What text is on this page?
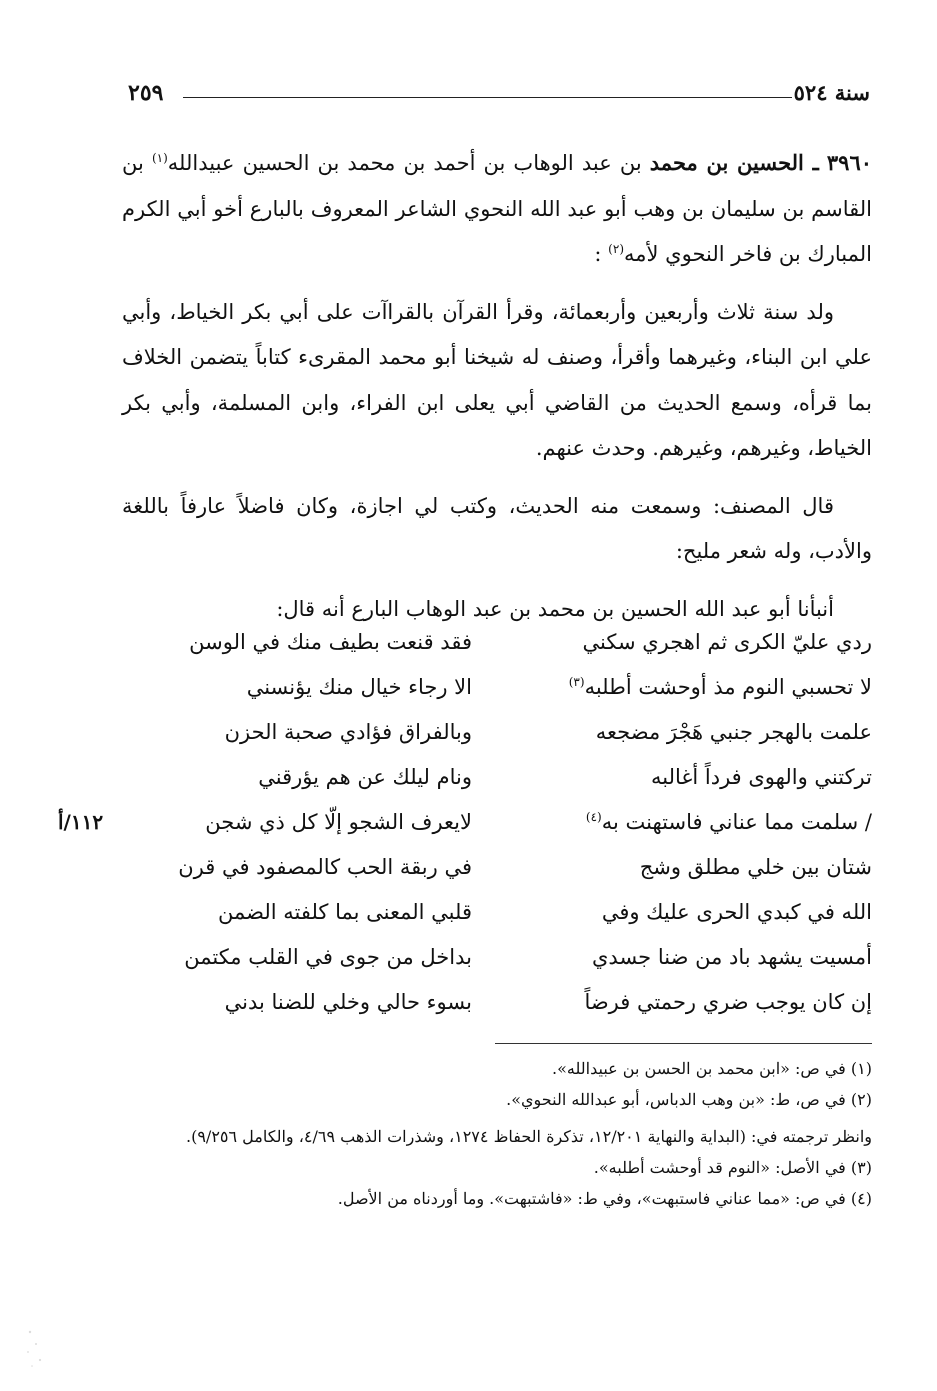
سنة ٥٢٤
٢٥٩

٣٩٦٠ ـ الحسين بن محمد بن عبد الوهاب بن أحمد بن محمد بن الحسين عبيدالله$^{(١)}$ بن القاسم بن سليمان بن وهب أبو عبد الله النحوي الشاعر المعروف بالبارع أخو أبي الكرم المبارك بن فاخر النحوي لأمه$^{(٢)}$ :

ولد سنة ثلاث وأربعين وأربعمائة، وقرأ القرآن بالقراآت على أبي بكر الخياط، وأبي علي ابن البناء، وغيرهما وأقرأ، وصنف له شيخنا أبو محمد المقرىء كتاباً يتضمن الخلاف بما قرأه، وسمع الحديث من القاضي أبي يعلى ابن الفراء، وابن المسلمة، وأبي بكر الخياط، وغيرهم، وغيرهم. وحدث عنهم.

قال المصنف: وسمعت منه الحديث، وكتب لي اجازة، وكان فاضلاً عارفاً باللغة والأدب، وله شعر مليح:

أنبأنا أبو عبد الله الحسين بن محمد بن عبد الوهاب البارع أنه قال:

ردي عليّ الكرى ثم اهجري سكني
فقد قنعت بطيف منك في الوسن
لا تحسبي النوم مذ أوحشت أطلبه$^{(٣)}$
الا رجاء خيال منك يؤنسني
علمت بالهجر جنبي هَجْرَ مضجعه
وبالفراق فؤادي صحبة الحزن
تركتني والهوى فرداً أغالبه
ونام ليلك عن هم يؤرقني
/ سلمت مما عناني فاستهنت به$^{(٤)}$
لايعرف الشجو إلّا كل ذي شجن
شتان بين خلي مطلق وشج
في ربقة الحب كالمصفود في قرن
الله في كبدي الحرى عليك وفي
قلبي المعنى بما كلفته الضمن
أمسيت يشهد باد من ضنا جسدي
بداخل من جوى في القلب مكتمن
إن كان يوجب ضري رحمتي فرضاً
بسوء حالي وخلي للضنا بدني
١١٢/أ

(١) في ص: «ابن محمد بن الحسن بن عبيدالله».

(٢) في ص، ط: «بن وهب الدباس، أبو عبدالله النحوي».

وانظر ترجمته في: (البداية والنهاية ١٢/٢٠١، تذكرة الحفاظ ١٢٧٤، وشذرات الذهب ٤/٦٩، والكامل ٩/٢٥٦).

(٣) في الأصل: «النوم قد أوحشت أطلبه».

(٤) في ص: «مما عناني فاستبهت»، وفي ط: «فاشتبهت». وما أوردناه من الأصل.
